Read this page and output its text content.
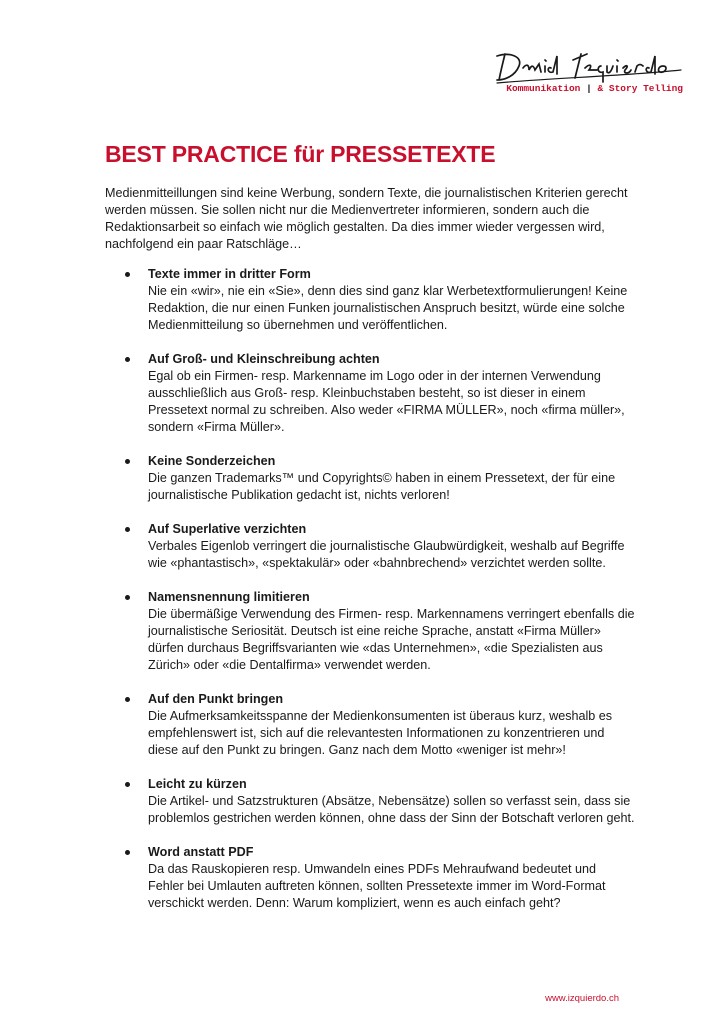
Kommunikation | & Story Telling
BEST PRACTICE für PRESSETEXTE

Medienmitteillungen sind keine Werbung, sondern Texte, die journalistischen Kriterien gerecht werden müssen. Sie sollen nicht nur die Medienvertreter informieren, sondern auch die Redaktionsarbeit so einfach wie möglich gestalten. Da dies immer wieder vergessen wird, nachfolgend ein paar Ratschläge…

Texte immer in dritter Form
Nie ein «wir», nie ein «Sie», denn dies sind ganz klar Werbetextformulierungen! Keine Redaktion, die nur einen Funken journalistischen Anspruch besitzt, würde eine solche Medienmitteilung so übernehmen und veröffentlichen.
Auf Groß- und Kleinschreibung achten
Egal ob ein Firmen- resp. Markenname im Logo oder in der internen Verwendung ausschließlich aus Groß- resp. Kleinbuchstaben besteht, so ist dieser in einem Pressetext normal zu schreiben. Also weder «FIRMA MÜLLER», noch «firma müller», sondern «Firma Müller».
Keine Sonderzeichen
Die ganzen Trademarks™ und Copyrights© haben in einem Pressetext, der für eine journalistische Publikation gedacht ist, nichts verloren!
Auf Superlative verzichten
Verbales Eigenlob verringert die journalistische Glaubwürdigkeit, weshalb auf Begriffe wie «phantastisch», «spektakulär» oder «bahnbrechend» verzichtet werden sollte.
Namensnennung limitieren
Die übermäßige Verwendung des Firmen- resp. Markennamens verringert ebenfalls die journalistische Seriosität. Deutsch ist eine reiche Sprache, anstatt «Firma Müller» dürfen durchaus Begriffsvarianten wie «das Unternehmen», «die Spezialisten aus Zürich» oder «die Dentalfirma» verwendet werden.
Auf den Punkt bringen
Die Aufmerksamkeitsspanne der Medienkonsumenten ist überaus kurz, weshalb es empfehlenswert ist, sich auf die relevantesten Informationen zu konzentrieren und diese auf den Punkt zu bringen. Ganz nach dem Motto «weniger ist mehr»!
Leicht zu kürzen
Die Artikel- und Satzstrukturen (Absätze, Nebensätze) sollen so verfasst sein, dass sie problemlos gestrichen werden können, ohne dass der Sinn der Botschaft verloren geht.
Word anstatt PDF
Da das Rauskopieren resp. Umwandeln eines PDFs Mehraufwand bedeutet und Fehler bei Umlauten auftreten können, sollten Pressetexte immer im Word-Format verschickt werden. Denn: Warum kompliziert, wenn es auch einfach geht?
www.izquierdo.ch
